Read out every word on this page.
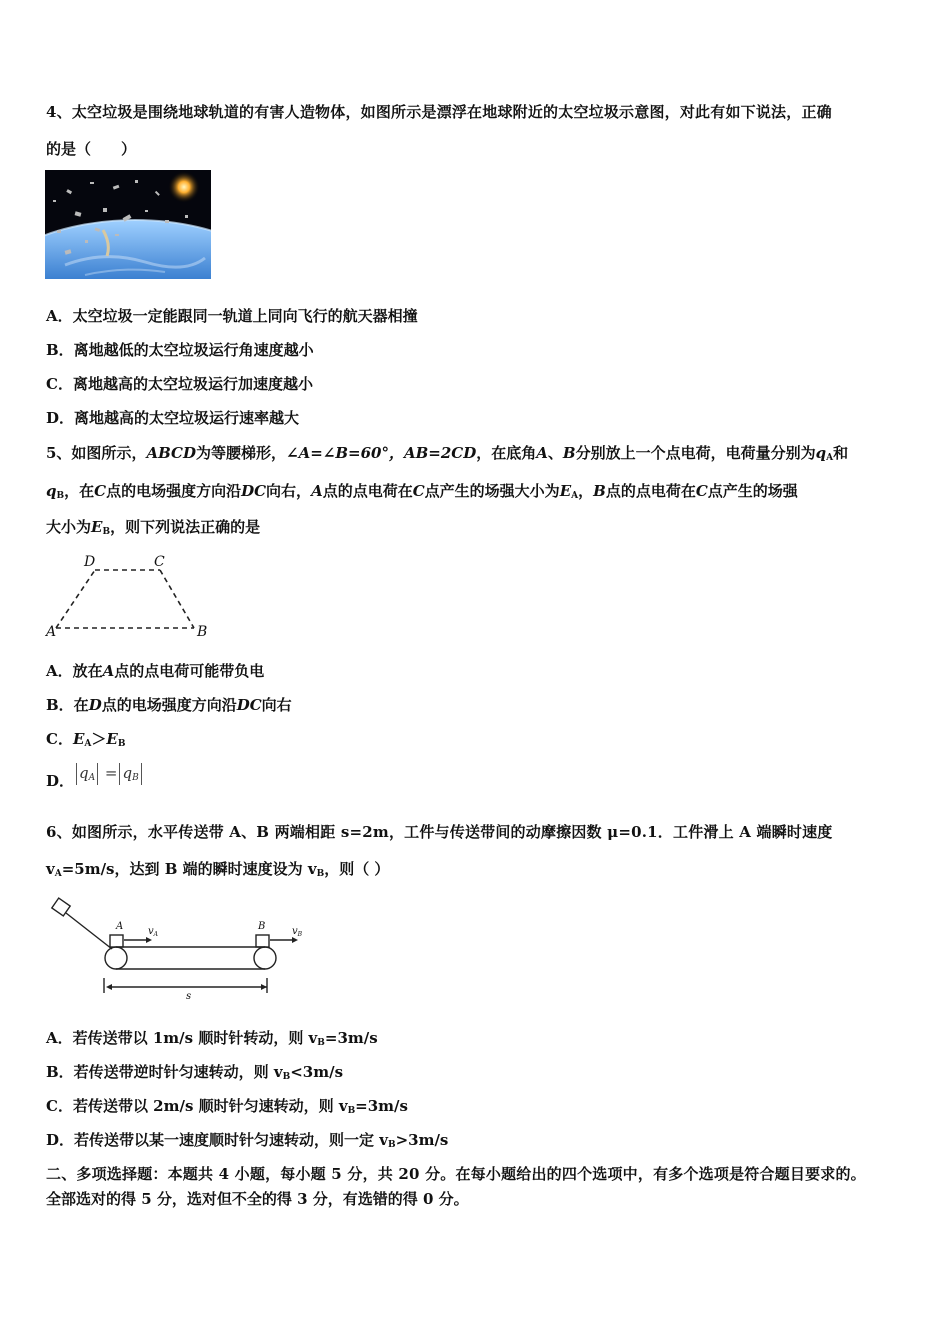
4、太空垃圾是围绕地球轨道的有害人造物体，如图所示是漂浮在地球附近的太空垃圾示意图，对此有如下说法，正确
的是（　　）
A．太空垃圾一定能跟同一轨道上同向飞行的航天器相撞
B．离地越低的太空垃圾运行角速度越小
C．离地越高的太空垃圾运行加速度越小
D．离地越高的太空垃圾运行速率越大
5、如图所示，ABCD为等腰梯形，∠A=∠B=60°，AB=2CD，在底角A、B分别放上一个点电荷，电荷量分别为$q_A$和
$q_B$，在C点的电场强度方向沿DC向右，A点的点电荷在C点产生的场强大小为$E_A$，B点的点电荷在C点产生的场强
大小为$E_B$，则下列说法正确的是
A	B
D	C
A．放在A点的点电荷可能带负电
B．在D点的电场强度方向沿DC向右
C．$E_A>E_B$
D． $q_A = q_B$
6、如图所示，水平传送带 A、B 两端相距 s=2m，工件与传送带间的动摩擦因数 μ=0.1．工件滑上 A 端瞬时速度
$v_A=5m/s$，达到 B 端的瞬时速度设为 $v_B$，则（ ）
A	B
$v_A$	$v_B$
s
A．若传送带以 1m/s 顺时针转动，则 $v_B=3m/s$
B．若传送带逆时针匀速转动，则 $v_B<3m/s$
C．若传送带以 2m/s 顺时针匀速转动，则 $v_B=3m/s$
D．若传送带以某一速度顺时针匀速转动，则一定 $v_B>3m/s$
二、多项选择题：本题共 4 小题，每小题 5 分，共 20 分。在每小题给出的四个选项中，有多个选项是符合题目要求的。
全部选对的得 5 分，选对但不全的得 3 分，有选错的得 0 分。
